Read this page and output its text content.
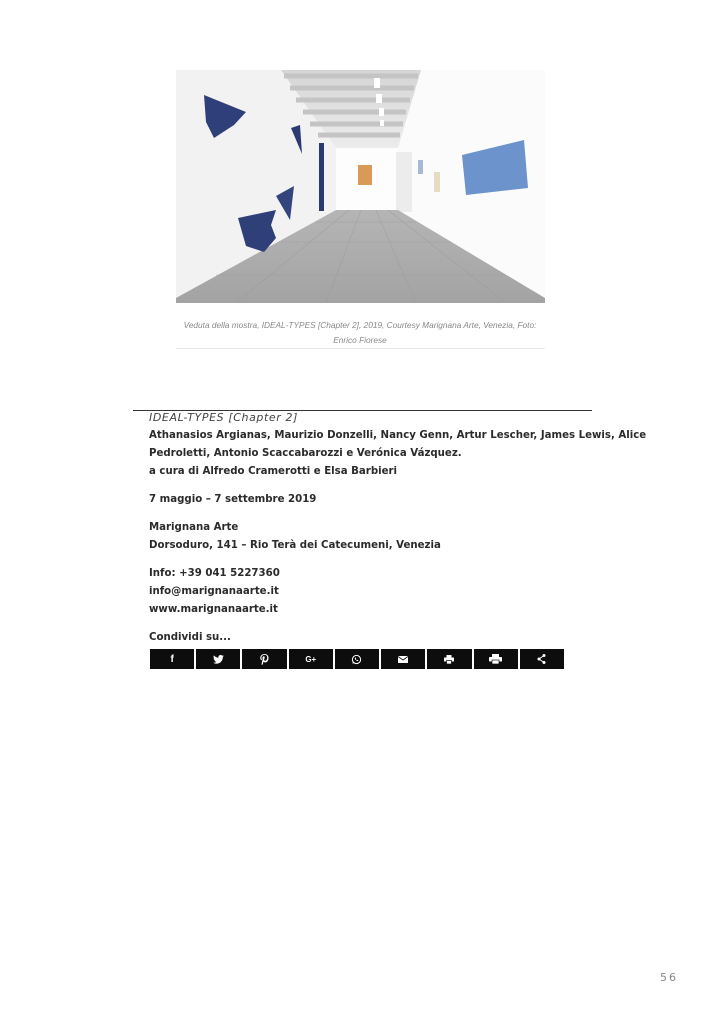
Veduta della mostra, IDEAL-TYPES [Chapter 2], 2019, Courtesy Marignana Arte, Venezia, Foto:
Enrico Fiorese
IDEAL-TYPES [Chapter 2]
Athanasios Argianas, Maurizio Donzelli, Nancy Genn, Artur Lescher, James Lewis, Alice
Pedroletti, Antonio Scaccabarozzi e Verónica Vázquez.
a cura di Alfredo Cramerotti e Elsa Barbieri
7 maggio – 7 settembre 2019
Marignana Arte
Dorsoduro, 141 – Rio Terà dei Catecumeni, Venezia
Info: +39 041 5227360
info@marignanaarte.it
www.marignanaarte.it
Condividi su...
f	G+
56
